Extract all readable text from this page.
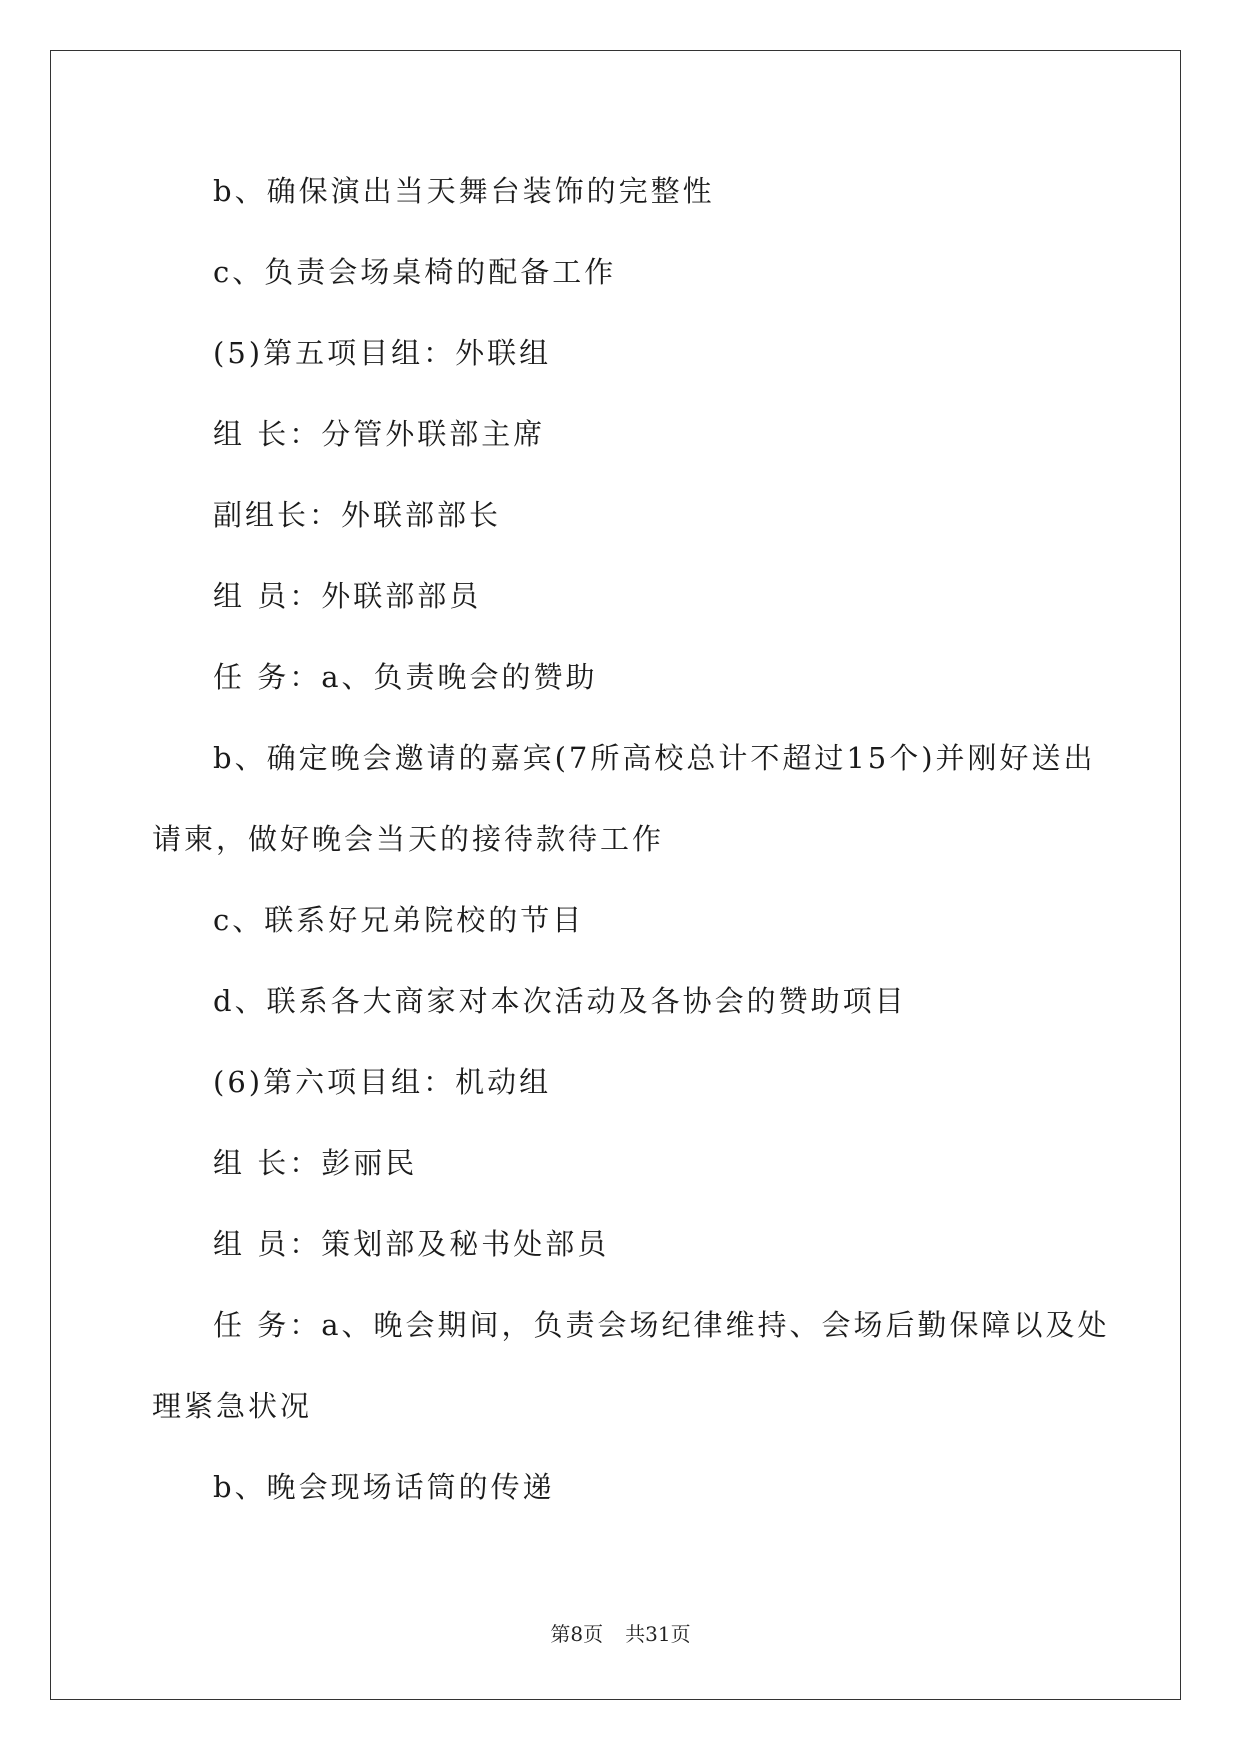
b、确保演出当天舞台装饰的完整性
c、负责会场桌椅的配备工作
(5)第五项目组：外联组
组 长：分管外联部主席
副组长：外联部部长
组 员：外联部部员
任 务：a、负责晚会的赞助
b、确定晚会邀请的嘉宾(7所高校总计不超过15个)并刚好送出
请柬，做好晚会当天的接待款待工作
c、联系好兄弟院校的节目
d、联系各大商家对本次活动及各协会的赞助项目
(6)第六项目组：机动组
组 长：彭丽民
组 员：策划部及秘书处部员
任 务：a、晚会期间，负责会场纪律维持、会场后勤保障以及处
理紧急状况
b、晚会现场话筒的传递
第8页 共31页
